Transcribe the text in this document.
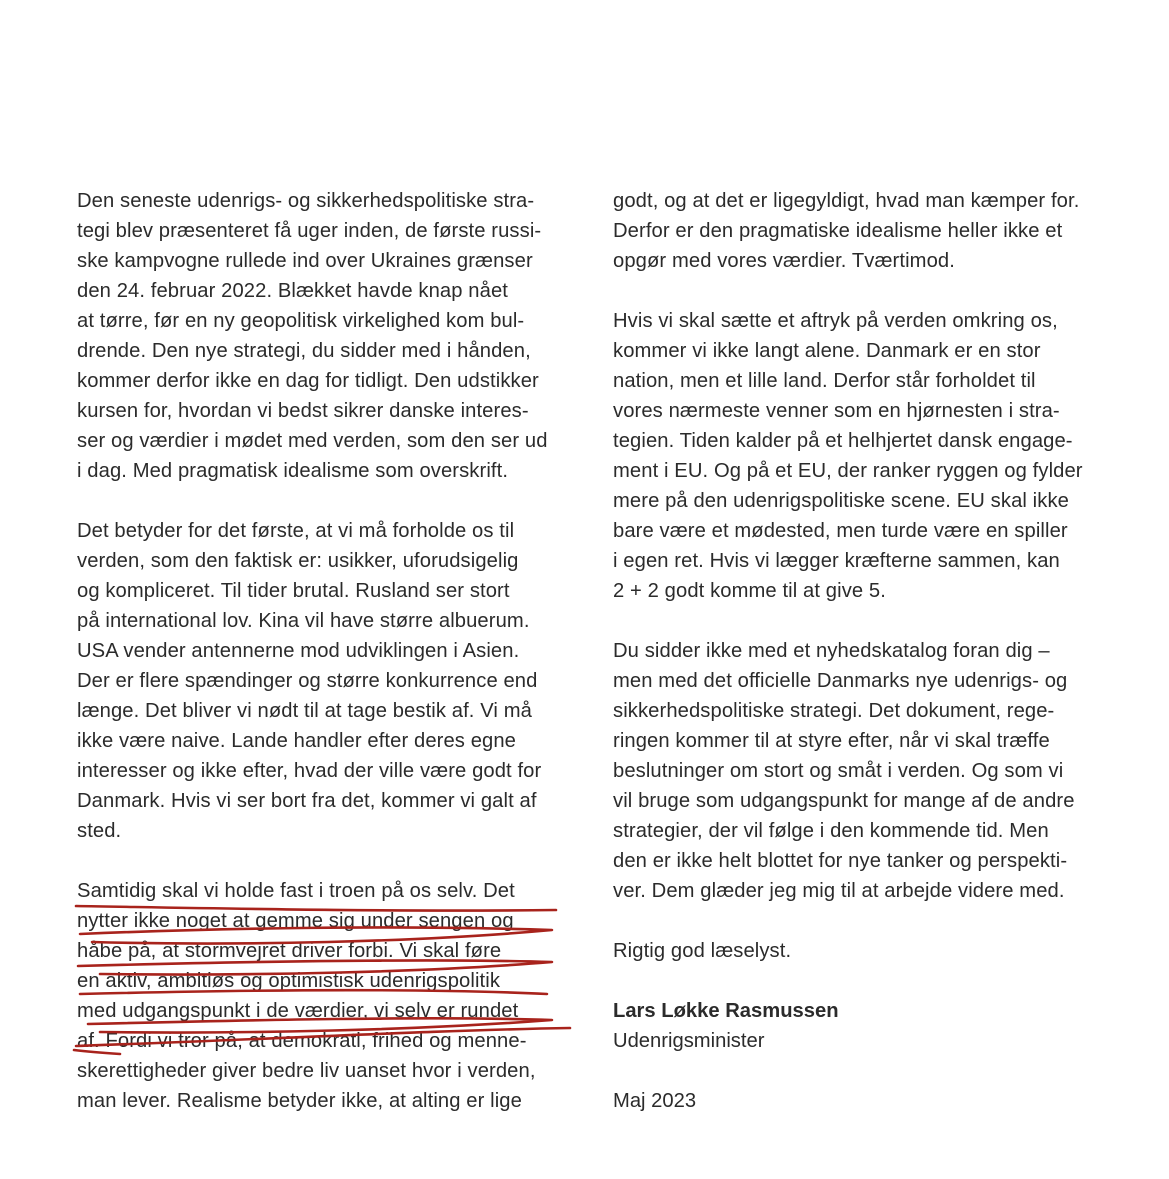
Den seneste udenrigs- og sikkerhedspolitiske stra-
tegi blev præsenteret få uger inden, de første russi-
ske kampvogne rullede ind over Ukraines grænser
den 24. februar 2022. Blækket havde knap nået
at tørre, før en ny geopolitisk virkelighed kom bul-
drende. Den nye strategi, du sidder med i hånden,
kommer derfor ikke en dag for tidligt. Den udstikker
kursen for, hvordan vi bedst sikrer danske interes-
ser og værdier i mødet med verden, som den ser ud
i dag. Med pragmatisk idealisme som overskrift.

Det betyder for det første, at vi må forholde os til
verden, som den faktisk er: usikker, uforudsigelig
og kompliceret. Til tider brutal. Rusland ser stort
på international lov. Kina vil have større albuerum.
USA vender antennerne mod udviklingen i Asien.
Der er flere spændinger og større konkurrence end
længe. Det bliver vi nødt til at tage bestik af. Vi må
ikke være naive. Lande handler efter deres egne
interesser og ikke efter, hvad der ville være godt for
Danmark. Hvis vi ser bort fra det, kommer vi galt af
sted.

Samtidig skal vi holde fast i troen på os selv. Det
nytter ikke noget at gemme sig under sengen og
håbe på, at stormvejret driver forbi. Vi skal føre
en aktiv, ambitiøs og optimistisk udenrigspolitik
med udgangspunkt i de værdier, vi selv er rundet
af. Fordi vi tror på, at demokrati, frihed og menne-
skerettigheder giver bedre liv uanset hvor i verden,
man lever. Realisme betyder ikke, at alting er lige

godt, og at det er ligegyldigt, hvad man kæmper for.
Derfor er den pragmatiske idealisme heller ikke et
opgør med vores værdier. Tværtimod.

Hvis vi skal sætte et aftryk på verden omkring os,
kommer vi ikke langt alene. Danmark er en stor
nation, men et lille land. Derfor står forholdet til
vores nærmeste venner som en hjørnesten i stra-
tegien. Tiden kalder på et helhjertet dansk engage-
ment i EU. Og på et EU, der ranker ryggen og fylder
mere på den udenrigspolitiske scene. EU skal ikke
bare være et mødested, men turde være en spiller
i egen ret. Hvis vi lægger kræfterne sammen, kan
2 + 2 godt komme til at give 5.

Du sidder ikke med et nyhedskatalog foran dig –
men med det officielle Danmarks nye udenrigs- og
sikkerhedspolitiske strategi. Det dokument, rege-
ringen kommer til at styre efter, når vi skal træffe
beslutninger om stort og småt i verden. Og som vi
vil bruge som udgangspunkt for mange af de andre
strategier, der vil følge i den kommende tid. Men
den er ikke helt blottet for nye tanker og perspekti-
ver. Dem glæder jeg mig til at arbejde videre med.

Rigtig god læselyst.

Lars Løkke Rasmussen

Udenrigsminister

Maj 2023
